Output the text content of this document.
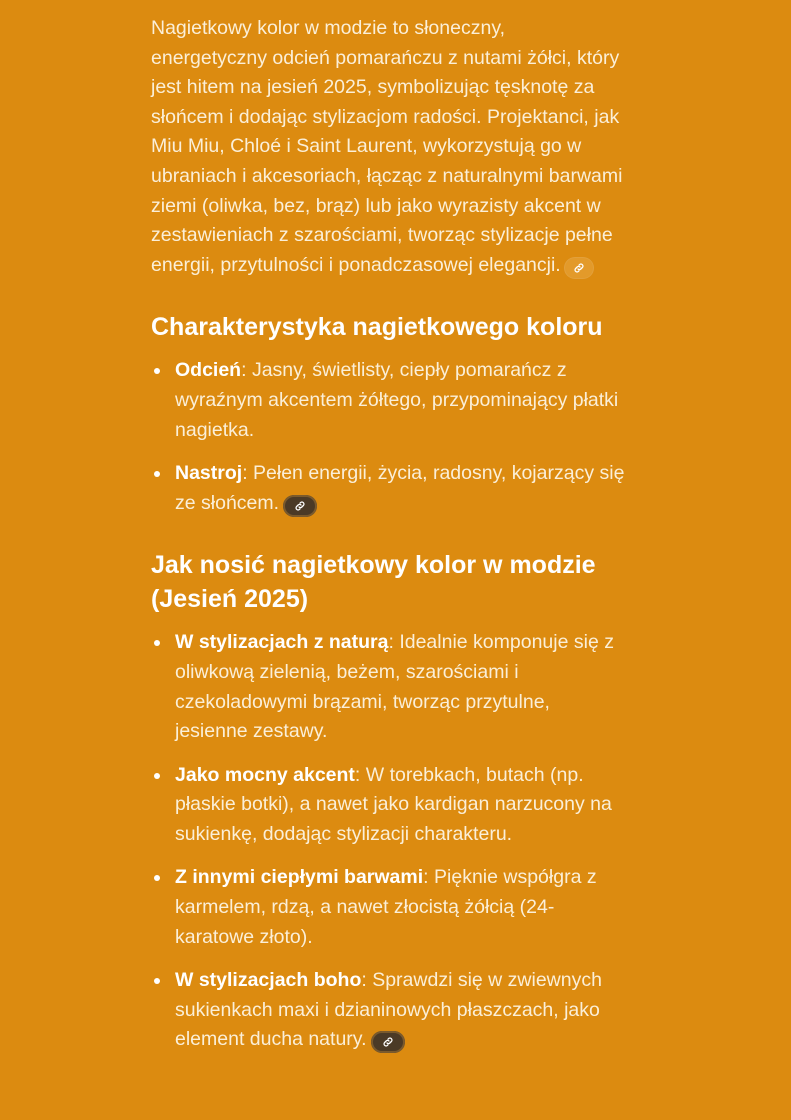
Nagietkowy kolor w modzie to słoneczny, energetyczny odcień pomarańczu z nutami żółci, który jest hitem na jesień 2025, symbolizując tęsknotę za słońcem i dodając stylizacjom radości. Projektanci, jak Miu Miu, Chloé i Saint Laurent, wykorzystują go w ubraniach i akcesoriach, łącząc z naturalnymi barwami ziemi (oliwka, bez, brąz) lub jako wyrazisty akcent w zestawieniach z szarościami, tworząc stylizacje pełne energii, przytulności i ponadczasowej elegancji.

Charakterystyka nagietkowego koloru
Odcień: Jasny, świetlisty, ciepły pomarańcz z wyraźnym akcentem żółtego, przypominający płatki nagietka.
Nastroj: Pełen energii, życia, radosny, kojarzący się ze słońcem.
Jak nosić nagietkowy kolor w modzie (Jesień 2025)
W stylizacjach z naturą: Idealnie komponuje się z oliwkową zielenią, beżem, szarościami i czekoladowymi brązami, tworząc przytulne, jesienne zestawy.
Jako mocny akcent: W torebkach, butach (np. płaskie botki), a nawet jako kardigan narzucony na sukienkę, dodając stylizacji charakteru.
Z innymi ciepłymi barwami: Pięknie współgra z karmelem, rdzą, a nawet złocistą żółcią (24-karatowe złoto).
W stylizacjach boho: Sprawdzi się w zwiewnych sukienkach maxi i dzianinowych płaszczach, jako element ducha natury.
